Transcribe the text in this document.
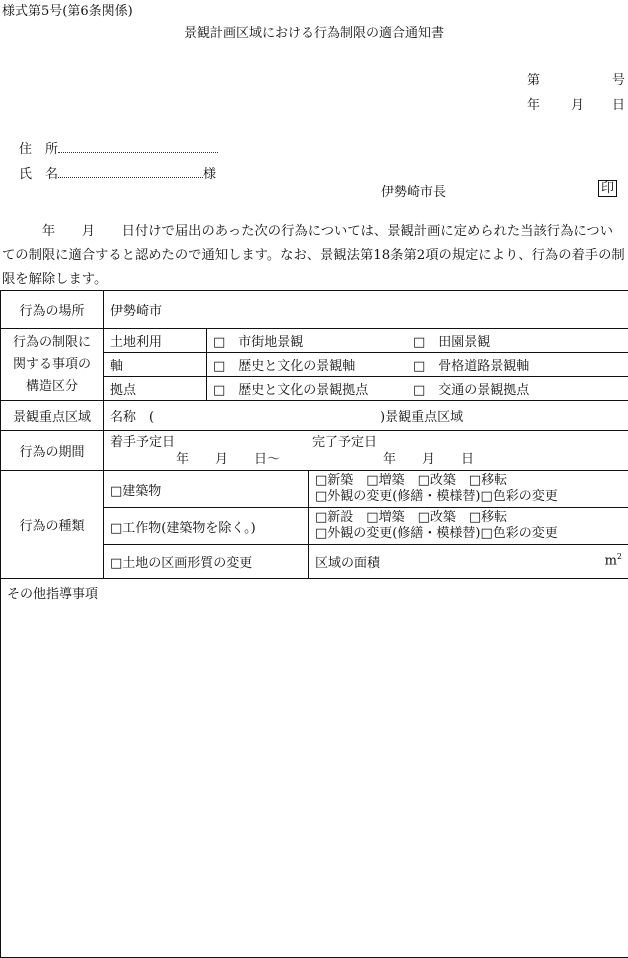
様式第5号(第6条関係)
景観計画区域における行為制限の適合通知書
第	号
年 月 日
住　所
氏　名	様
伊勢崎市長	印

　　　年　　月　　日付けで届出のあった次の行為については、景観計画に定められた当該行為についての制限に適合すると認めたので通知します。なお、景観法第18条第2項の規定により、行為の着手の制限を解除します。

行為の場所	伊勢崎市		
行為の制限に関する事項の構造区分	土地利用	□　市街地景観 □　田園景観	
	軸	□　歴史と文化の景観軸 □　骨格道路景観軸	
	拠点	□　歴史と文化の景観拠点 □　交通の景観拠点	
景観重点区域	名称　( )景観重点区域		
行為の期間	着手予定日 完了予定日
年　　月　　日〜 年　　月　　日		

行為の種類	□建築物		□新築　□増築　□改築　□移転
□外観の変更(修繕・模様替)□色彩の変更

	□工作物(建築物を除く。)		□新設　□増築　□改築　□移転
□外観の変更(修繕・模様替)□色彩の変更

	□土地の区画形質の変更		区域の面積 $m^2$

その他指導事項			
